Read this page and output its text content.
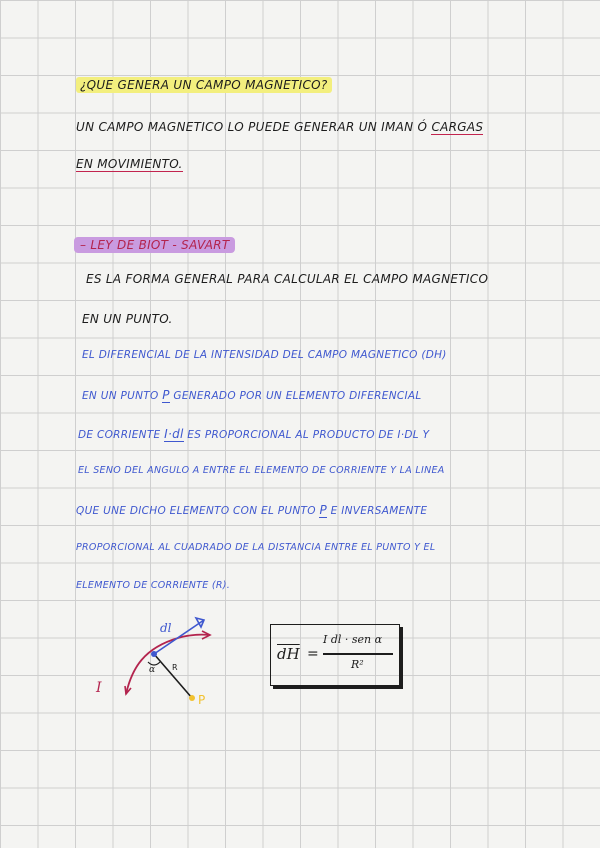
¿QUE GENERA UN CAMPO MAGNETICO?
UN CAMPO MAGNETICO LO PUEDE GENERAR UN IMAN Ó CARGAS
EN MOVIMIENTO.
– LEY DE BIOT - SAVART
ES LA FORMA GENERAL PARA CALCULAR EL CAMPO MAGNETICO
EN UN PUNTO.
EL DIFERENCIAL DE LA INTENSIDAD DEL CAMPO MAGNETICO (DH)
EN UN PUNTO P GENERADO POR UN ELEMENTO DIFERENCIAL
DE CORRIENTE I·dl ES PROPORCIONAL AL PRODUCTO DE I·DL Y
EL SENO DEL ANGULO Α ENTRE EL ELEMENTO DE CORRIENTE Y LA LINEA
QUE UNE DICHO ELEMENTO CON EL PUNTO P E INVERSAMENTE
PROPORCIONAL AL CUADRADO DE LA DISTANCIA ENTRE EL PUNTO Y EL
ELEMENTO DE CORRIENTE (R).
dl
I
α R
P
$\overline{dH}$ =
I dl · sen α
R²
